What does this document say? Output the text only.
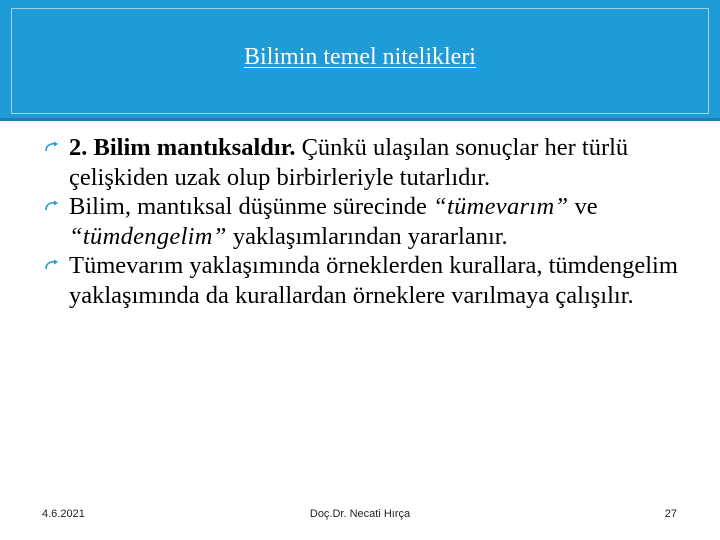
Bilimin temel nitelikleri
2. Bilim mantıksaldır. Çünkü ulaşılan sonuçlar her türlü çelişkiden uzak olup birbirleriyle tutarlıdır.
Bilim, mantıksal düşünme sürecinde “tümevarım” ve “tümdengelim” yaklaşımlarından yararlanır.
Tümevarım yaklaşımında örneklerden kurallara, tümdengelim yaklaşımında da kurallardan örneklere varılmaya çalışılır.
4.6.2021	Doç.Dr. Necati Hırça	27
